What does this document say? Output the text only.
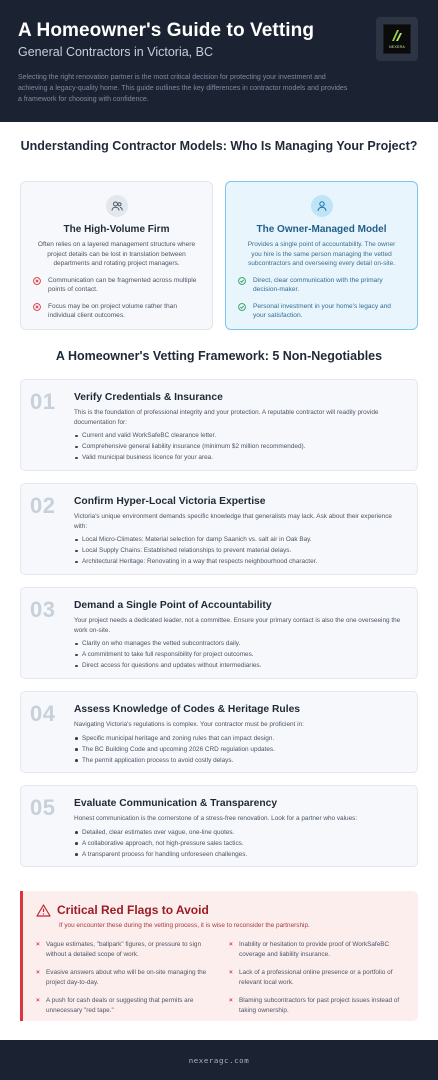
A Homeowner's Guide to Vetting
General Contractors in Victoria, BC
Selecting the right renovation partner is the most critical decision for protecting your investment and achieving a legacy-quality home. This guide outlines the key differences in contractor models and provides a framework for choosing with confidence.
NEXERA
Understanding Contractor Models: Who Is Managing Your Project?
The High-Volume Firm
Often relies on a layered management structure where project details can be lost in translation between departments and rotating project managers.
Communication can be fragmented across multiple points of contact.
Focus may be on project volume rather than individual client outcomes.
The Owner-Managed Model
Provides a single point of accountability. The owner you hire is the same person managing the vetted subcontractors and overseeing every detail on-site.
Direct, clear communication with the primary decision-maker.
Personal investment in your home's legacy and your satisfaction.
A Homeowner's Vetting Framework: 5 Non-Negotiables
01 Verify Credentials & Insurance
This is the foundation of professional integrity and your protection. A reputable contractor will readily provide documentation for:
Current and valid WorkSafeBC clearance letter.
Comprehensive general liability insurance (minimum $2 million recommended).
Valid municipal business licence for your area.
02 Confirm Hyper-Local Victoria Expertise
Victoria's unique environment demands specific knowledge that generalists may lack. Ask about their experience with:
Local Micro-Climates: Material selection for damp Saanich vs. salt air in Oak Bay.
Local Supply Chains: Established relationships to prevent material delays.
Architectural Heritage: Renovating in a way that respects neighbourhood character.
03 Demand a Single Point of Accountability
Your project needs a dedicated leader, not a committee. Ensure your primary contact is also the one overseeing the work on-site.
Clarity on who manages the vetted subcontractors daily.
A commitment to take full responsibility for project outcomes.
Direct access for questions and updates without intermediaries.
04 Assess Knowledge of Codes & Heritage Rules
Navigating Victoria's regulations is complex. Your contractor must be proficient in:
Specific municipal heritage and zoning rules that can impact design.
The BC Building Code and upcoming 2026 CRD regulation updates.
The permit application process to avoid costly delays.
05 Evaluate Communication & Transparency
Honest communication is the cornerstone of a stress-free renovation. Look for a partner who values:
Detailed, clear estimates over vague, one-line quotes.
A collaborative approach, not high-pressure sales tactics.
A transparent process for handling unforeseen challenges.
Critical Red Flags to Avoid
If you encounter these during the vetting process, it is wise to reconsider the partnership.
× Vague estimates, "ballpark" figures, or pressure to sign without a detailed scope of work.
× Inability or hesitation to provide proof of WorkSafeBC coverage and liability insurance.
× Evasive answers about who will be on-site managing the project day-to-day.
× Lack of a professional online presence or a portfolio of relevant local work.
× A push for cash deals or suggesting that permits are unnecessary "red tape."
× Blaming subcontractors for past project issues instead of taking ownership.
nexeragc.com
